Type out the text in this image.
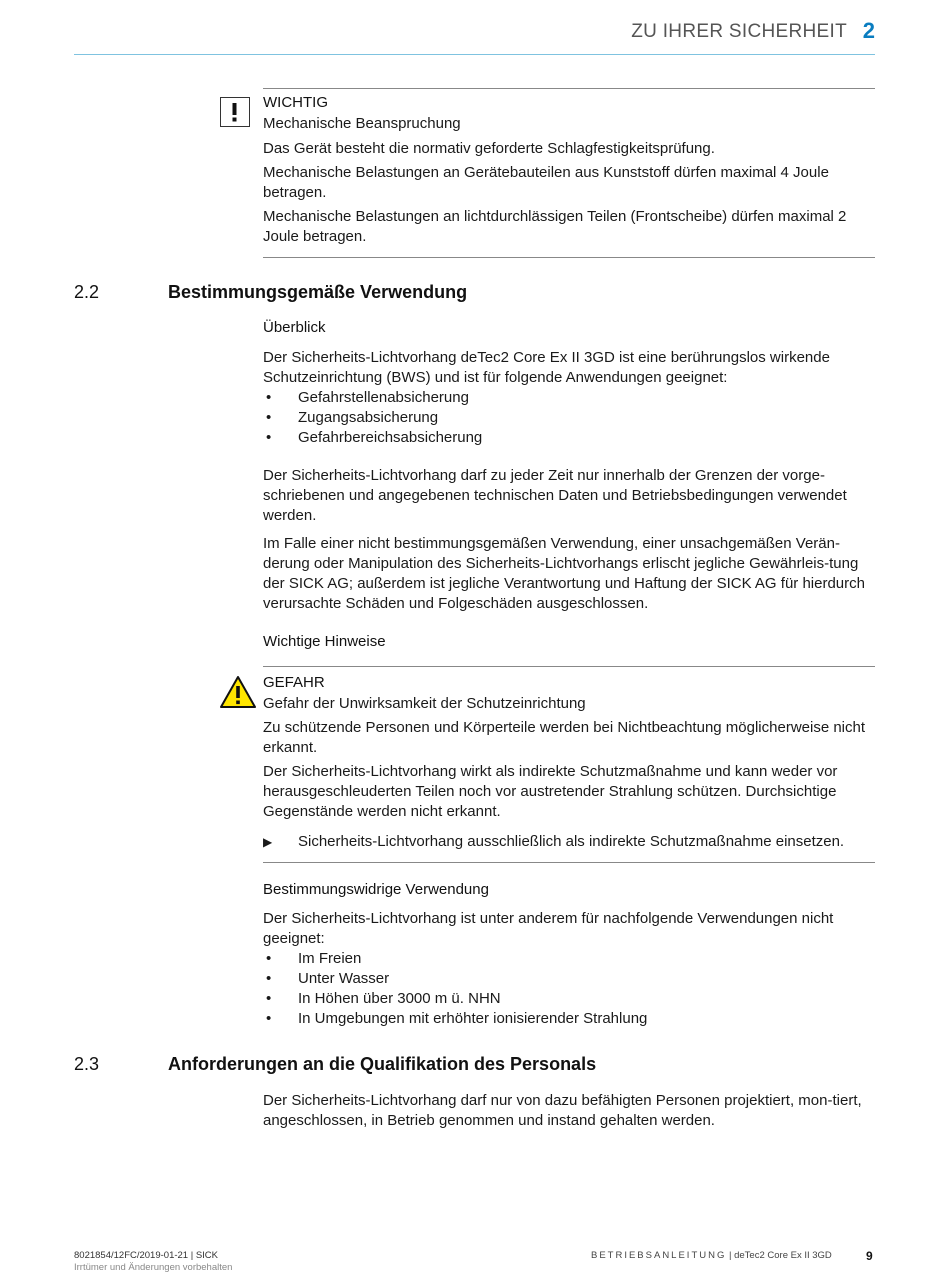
ZU IHRER SICHERHEIT 2
WICHTIG

Mechanische Beanspruchung

Das Gerät besteht die normativ geforderte Schlagfestigkeitsprüfung.

Mechanische Belastungen an Gerätebauteilen aus Kunststoff dürfen maximal 4 Joule betragen.

Mechanische Belastungen an lichtdurchlässigen Teilen (Frontscheibe) dürfen maximal 2 Joule betragen.

2.2	Bestimmungsgemäße Verwendung
Überblick

Der Sicherheits-Lichtvorhang deTec2 Core Ex II 3GD ist eine berührungslos wirkende Schutzeinrichtung (BWS) und ist für folgende Anwendungen geeignet:

• Gefahrstellenabsicherung
• Zugangsabsicherung
• Gefahrbereichsabsicherung

Der Sicherheits-Lichtvorhang darf zu jeder Zeit nur innerhalb der Grenzen der vorge-schriebenen und angegebenen technischen Daten und Betriebsbedingungen verwendet werden.

Im Falle einer nicht bestimmungsgemäßen Verwendung, einer unsachgemäßen Verän-derung oder Manipulation des Sicherheits-Lichtvorhangs erlischt jegliche Gewährleis-tung der SICK AG; außerdem ist jegliche Verantwortung und Haftung der SICK AG für hierdurch verursachte Schäden und Folgeschäden ausgeschlossen.

Wichtige Hinweise
GEFAHR

Gefahr der Unwirksamkeit der Schutzeinrichtung

Zu schützende Personen und Körperteile werden bei Nichtbeachtung möglicherweise nicht erkannt.

Der Sicherheits-Lichtvorhang wirkt als indirekte Schutzmaßnahme und kann weder vor herausgeschleuderten Teilen noch vor austretender Strahlung schützen. Durchsichtige Gegenstände werden nicht erkannt.

▶ Sicherheits-Lichtvorhang ausschließlich als indirekte Schutzmaßnahme einsetzen.
Bestimmungswidrige Verwendung

Der Sicherheits-Lichtvorhang ist unter anderem für nachfolgende Verwendungen nicht geeignet:

• Im Freien
• Unter Wasser
• In Höhen über 3000 m ü. NHN
• In Umgebungen mit erhöhter ionisierender Strahlung
2.3	Anforderungen an die Qualifikation des Personals

Der Sicherheits-Lichtvorhang darf nur von dazu befähigten Personen projektiert, mon-tiert, angeschlossen, in Betrieb genommen und instand gehalten werden.

8021854/12FC/2019-01-21 | SICK
Irrtümer und Änderungen vorbehalten
BETRIEBSANLEITUNG | deTec2 Core Ex II 3GD	9
